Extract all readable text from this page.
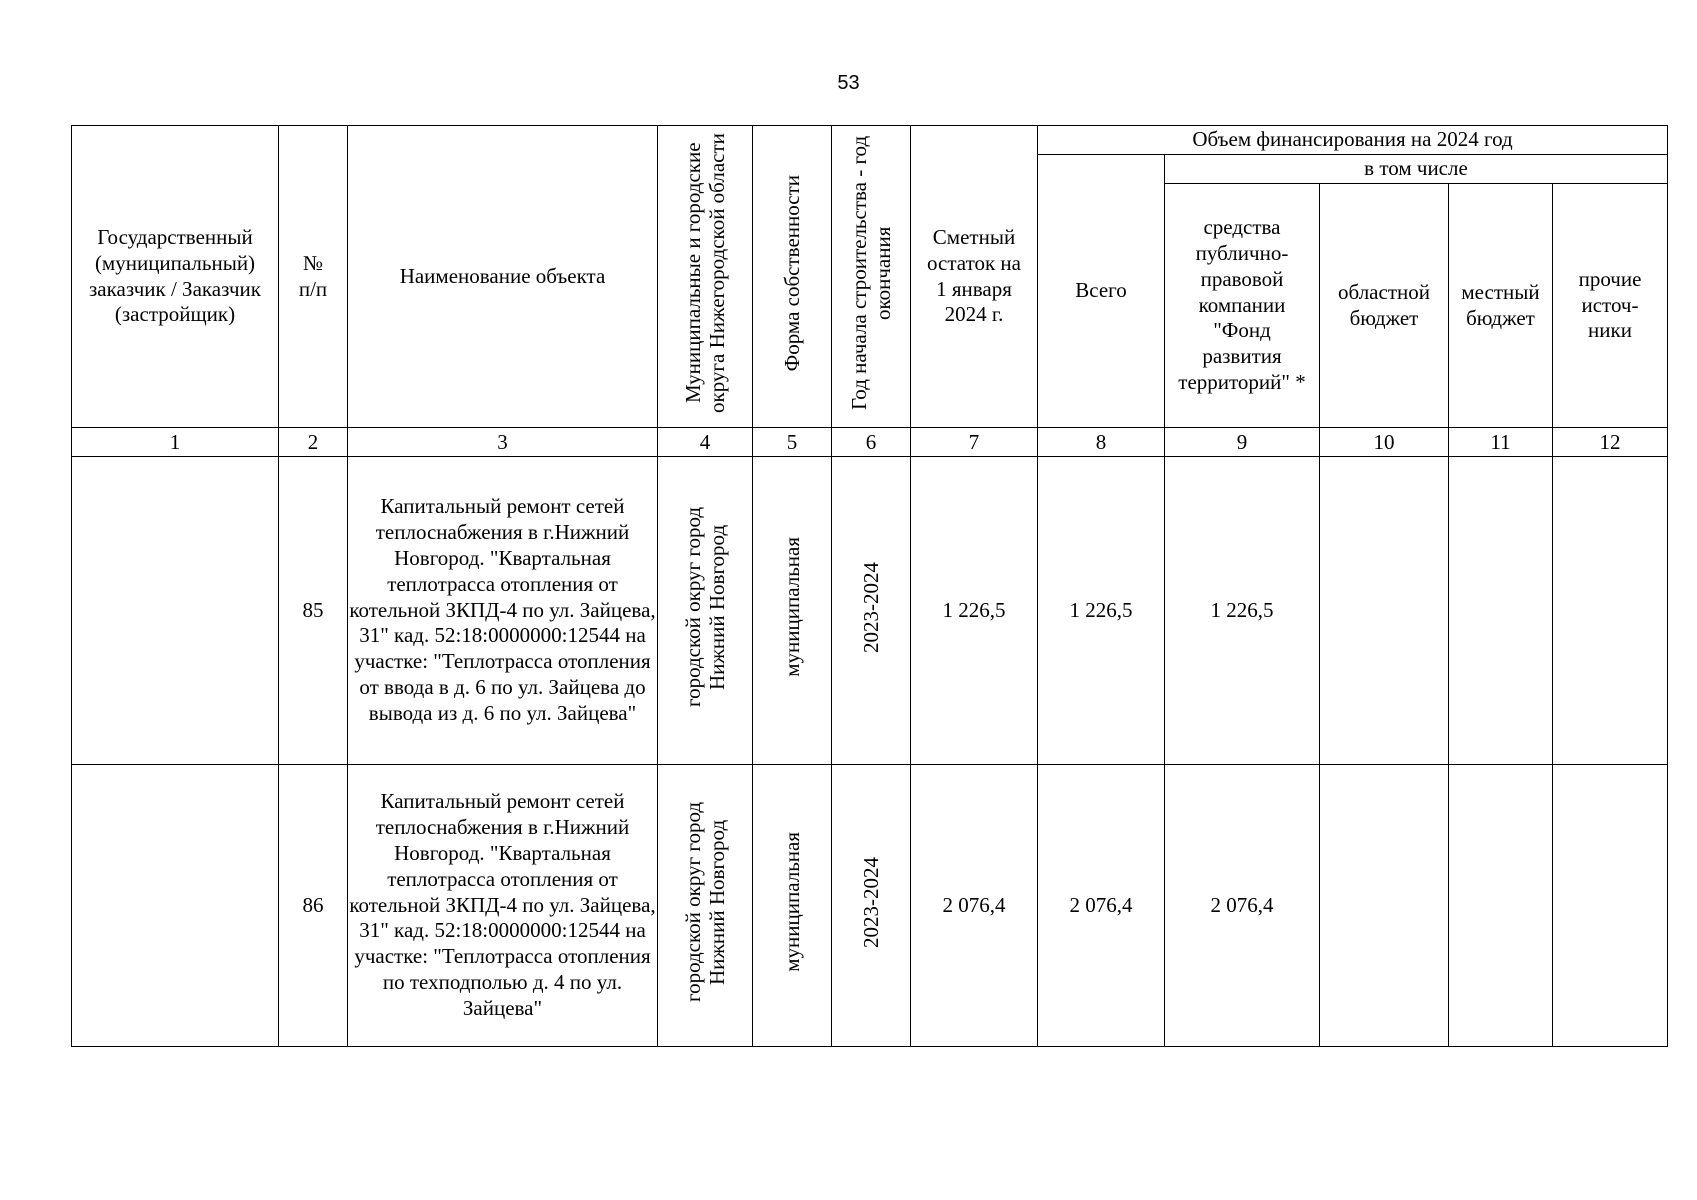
53
Государственный (муниципальный) заказчик / Заказчик (застройщик)	№ п/п	Наименование объекта	Муниципальные и городские округа Нижегородской области	Форма собственности	Год начала строительства - год окончания	Сметный остаток на 1 января 2024 г.	Объем финансирования на 2024 год				
							Всего	в том числе			
								средства публично-правовой компании "Фонд развития территорий" *	областной бюджет	местный бюджет	прочие источ-ники
1	2	3	4	5	6	7	8	9	10	11	12
	85	Капитальный ремонт сетей теплоснабжения в г.Нижний Новгород. "Квартальная теплотрасса отопления от котельной ЗКПД-4 по ул. Зайцева, 31" кад. 52:18:0000000:12544 на участке: "Теплотрасса отопления от ввода в д. 6 по ул. Зайцева до вывода из д. 6 по ул. Зайцева"	городской округ город Нижний Новгород	муниципальная	2023-2024	1 226,5	1 226,5	1 226,5			
	86	Капитальный ремонт сетей теплоснабжения в г.Нижний Новгород. "Квартальная теплотрасса отопления от котельной ЗКПД-4 по ул. Зайцева, 31" кад. 52:18:0000000:12544 на участке: "Теплотрасса отопления по техподполью д. 4 по ул. Зайцева"	городской округ город Нижний Новгород	муниципальная	2023-2024	2 076,4	2 076,4	2 076,4			
